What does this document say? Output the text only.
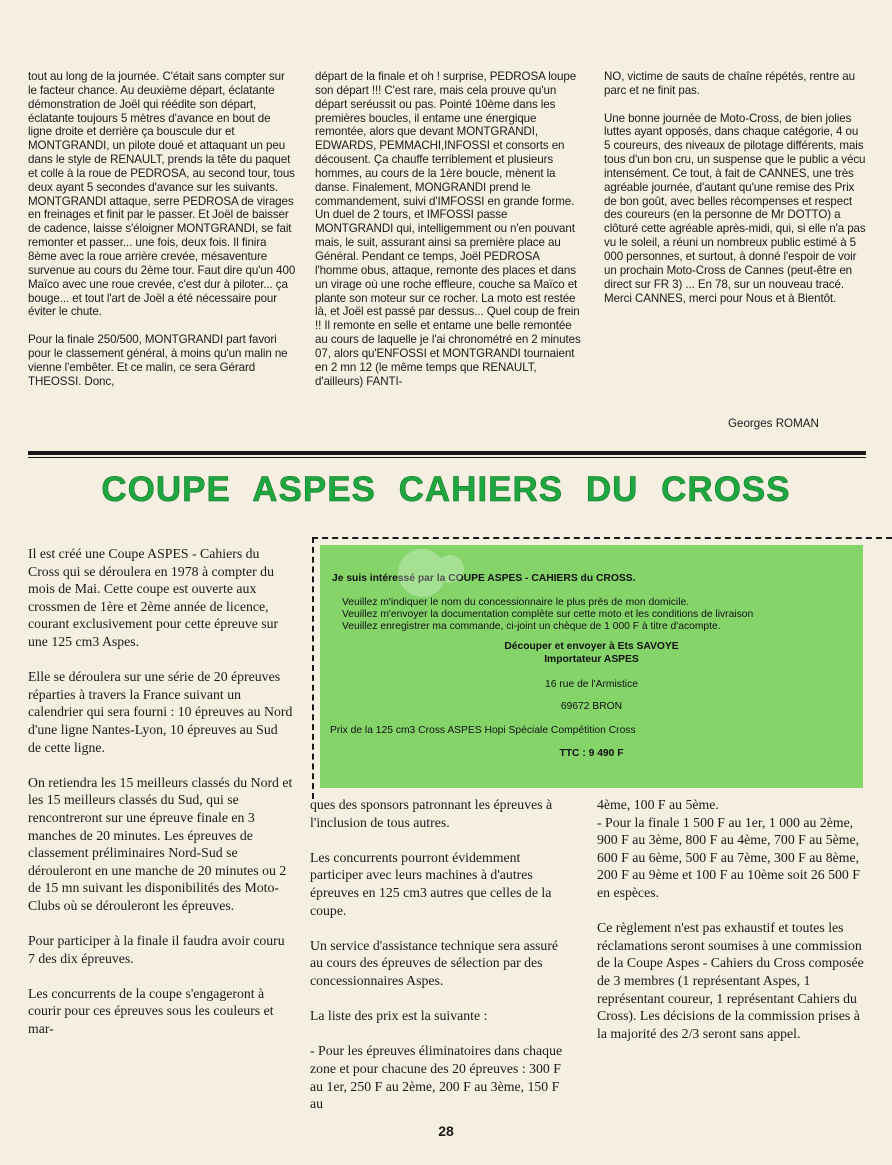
tout au long de la journée. C'était sans compter sur le facteur chance. Au deuxième départ, éclatante démonstration de Joël qui réédite son départ, éclatante toujours 5 mètres d'avance en bout de ligne droite et derrière ça bouscule dur et MONTGRANDI, un pilote doué et attaquant un peu dans le style de RENAULT, prends la tête du paquet et colle à la roue de PEDROSA, au second tour, tous deux ayant 5 secondes d'avance sur les suivants. MONTGRANDI attaque, serre PEDROSA de virages en freinages et finit par le passer. Et Joël de baisser de cadence, laisse s'éloigner MONTGRANDI, se fait remonter et passer... une fois, deux fois. Il finira 8ème avec la roue arrière crevée, mésaventure survenue au cours du 2ème tour. Faut dire qu'un 400 Maïco avec une roue crevée, c'est dur à piloter... ça bouge... et tout l'art de Joël a été nécessaire pour éviter le chute.

Pour la finale 250/500, MONTGRANDI part favori pour le classement général, à moins qu'un malin ne vienne l'embêter. Et ce malin, ce sera Gérard THEOSSI. Donc,
départ de la finale et oh ! surprise, PEDROSA loupe son départ !!! C'est rare, mais cela prouve qu'un départ seréussit ou pas. Pointé 10ème dans les premières boucles, il entame une énergique remontée, alors que devant MONTGRANDI, EDWARDS, PEMMACHI,INFOSSI et consorts en décousent. Ça chauffe terriblement et plusieurs hommes, au cours de la 1ère boucle, mènent la danse. Finalement, MONGRANDI prend le commandement, suivi d'IMFOSSI en grande forme. Un duel de 2 tours, et IMFOSSI passe MONTGRANDI qui, intelligemment ou n'en pouvant mais, le suit, assurant ainsi sa première place au Général. Pendant ce temps, Joël PEDROSA l'homme obus, attaque, remonte des places et dans un virage où une roche effleure, couche sa Maïco et plante son moteur sur ce rocher. La moto est restée là, et Joël est passé par dessus... Quel coup de frein !! Il remonte en selle et entame une belle remontée au cours de laquelle je l'ai chronométré en 2 minutes 07, alors qu'ENFOSSI et MONTGRANDI tournaient en 2 mn 12 (le même temps que RENAULT, d'ailleurs) FANTI-
NO, victime de sauts de chaîne répétés, rentre au parc et ne finit pas.

Une bonne journée de Moto-Cross, de bien jolies luttes ayant opposés, dans chaque catégorie, 4 ou 5 coureurs, des niveaux de pilotage différents, mais tous d'un bon cru, un suspense que le public a vécu intensément. Ce tout, à fait de CANNES, une très agréable journée, d'autant qu'une remise des Prix de bon goût, avec belles récompenses et respect des coureurs (en la personne de Mr DOTTO) a clôturé cette agréable après-midi, qui, si elle n'a pas vu le soleil, a réuni un nombreux public estimé à 5 000 personnes, et surtout, à donné l'espoir de voir un prochain Moto-Cross de Cannes (peut-être en direct sur FR 3) ... En 78, sur un nouveau tracé. Merci CANNES, merci pour Nous et à Bientôt.
Georges ROMAN
COUPE ASPES CAHIERS DU CROSS
Il est créé une Coupe ASPES - Cahiers du Cross qui se déroulera en 1978 à compter du mois de Mai. Cette coupe est ouverte aux crossmen de 1ère et 2ème année de licence, courant exclusivement pour cette épreuve sur une 125 cm3 Aspes.

Elle se déroulera sur une série de 20 épreuves réparties à travers la France suivant un calendrier qui sera fourni : 10 épreuves au Nord d'une ligne Nantes-Lyon, 10 épreuves au Sud de cette ligne.

On retiendra les 15 meilleurs classés du Nord et les 15 meilleurs classés du Sud, qui se rencontreront sur une épreuve finale en 3 manches de 20 minutes. Les épreuves de classement préliminaires Nord-Sud se dérouleront en une manche de 20 minutes ou 2 de 15 mn suivant les disponibilités des Moto-Clubs où se dérouleront les épreuves.

Pour participer à la finale il faudra avoir couru 7 des dix épreuves.

Les concurrents de la coupe s'engageront à courir pour ces épreuves sous les couleurs et mar-
Je suis intéressé par la COUPE ASPES - CAHIERS du CROSS.
Veuillez m'indiquer le nom du concessionnaire le plus près de mon domicile.
Veuillez m'envoyer la documentation complète sur cette moto et les conditions de livraison
Veuillez enregistrer ma commande, ci-joint un chèque de 1 000 F à titre d'acompte.
Découper et envoyer à Ets SAVOYE
Importateur ASPES
16 rue de l'Armistice
69672 BRON
Prix de la 125 cm3 Cross ASPES Hopi Spéciale Compétition Cross
TTC : 9 490 F
ques des sponsors patronnant les épreuves à l'inclusion de tous autres.

Les concurrents pourront évidemment participer avec leurs machines à d'autres épreuves en 125 cm3 autres que celles de la coupe.

Un service d'assistance technique sera assuré au cours des épreuves de sélection par des concessionnaires Aspes.

La liste des prix est la suivante :

- Pour les épreuves éliminatoires dans chaque zone et pour chacune des 20 épreuves : 300 F au 1er, 250 F au 2ème, 200 F au 3ème, 150 F au
4ème, 100 F au 5ème.
- Pour la finale 1 500 F au 1er, 1 000 au 2ème, 900 F au 3ème, 800 F au 4ème, 700 F au 5ème, 600 F au 6ème, 500 F au 7ème, 300 F au 8ème, 200 F au 9ème et 100 F au 10ème soit 26 500 F en espèces.

Ce règlement n'est pas exhaustif et toutes les réclamations seront soumises à une commission de la Coupe Aspes - Cahiers du Cross composée de 3 membres (1 représentant Aspes, 1 représentant coureur, 1 représentant Cahiers du Cross). Les décisions de la commission prises à la majorité des 2/3 seront sans appel.
28
